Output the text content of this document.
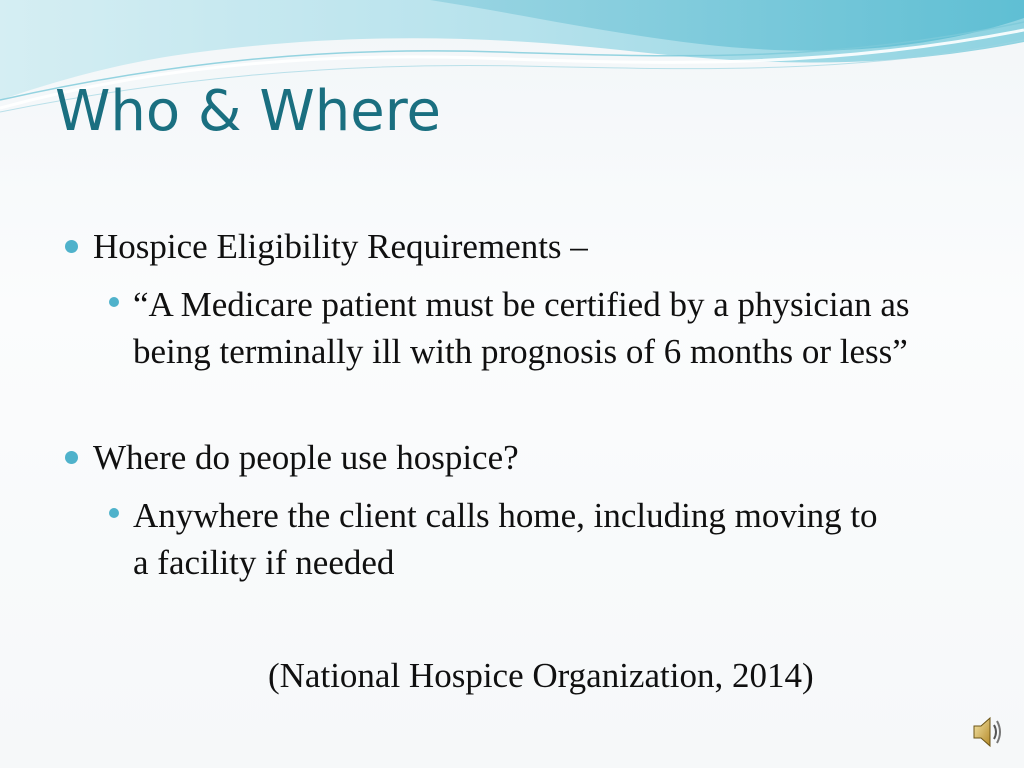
Who & Where
Hospice Eligibility Requirements –
“A Medicare patient must be certified by a physician as being terminally ill with prognosis of 6 months or less”
Where do people use hospice?
Anywhere the client calls home, including moving to a facility if needed
(National Hospice Organization, 2014)
